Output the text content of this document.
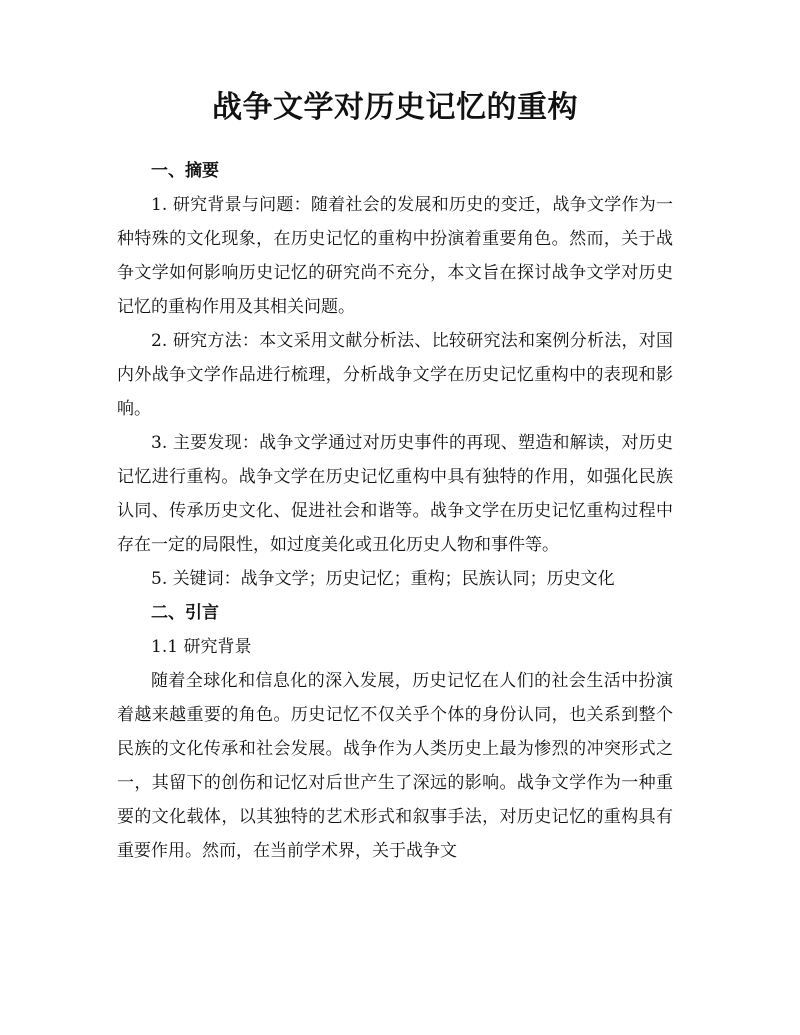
战争文学对历史记忆的重构

一、摘要

1. 研究背景与问题：随着社会的发展和历史的变迁，战争文学作为一种特殊的文化现象，在历史记忆的重构中扮演着重要角色。然而，关于战争文学如何影响历史记忆的研究尚不充分，本文旨在探讨战争文学对历史记忆的重构作用及其相关问题。

2. 研究方法：本文采用文献分析法、比较研究法和案例分析法，对国内外战争文学作品进行梳理，分析战争文学在历史记忆重构中的表现和影响。

3. 主要发现：战争文学通过对历史事件的再现、塑造和解读，对历史记忆进行重构。战争文学在历史记忆重构中具有独特的作用，如强化民族认同、传承历史文化、促进社会和谐等。战争文学在历史记忆重构过程中存在一定的局限性，如过度美化或丑化历史人物和事件等。

5. 关键词：战争文学；历史记忆；重构；民族认同；历史文化

二、引言

1.1 研究背景

随着全球化和信息化的深入发展，历史记忆在人们的社会生活中扮演着越来越重要的角色。历史记忆不仅关乎个体的身份认同，也关系到整个民族的文化传承和社会发展。战争作为人类历史上最为惨烈的冲突形式之一，其留下的创伤和记忆对后世产生了深远的影响。战争文学作为一种重要的文化载体，以其独特的艺术形式和叙事手法，对历史记忆的重构具有重要作用。然而，在当前学术界，关于战争文
